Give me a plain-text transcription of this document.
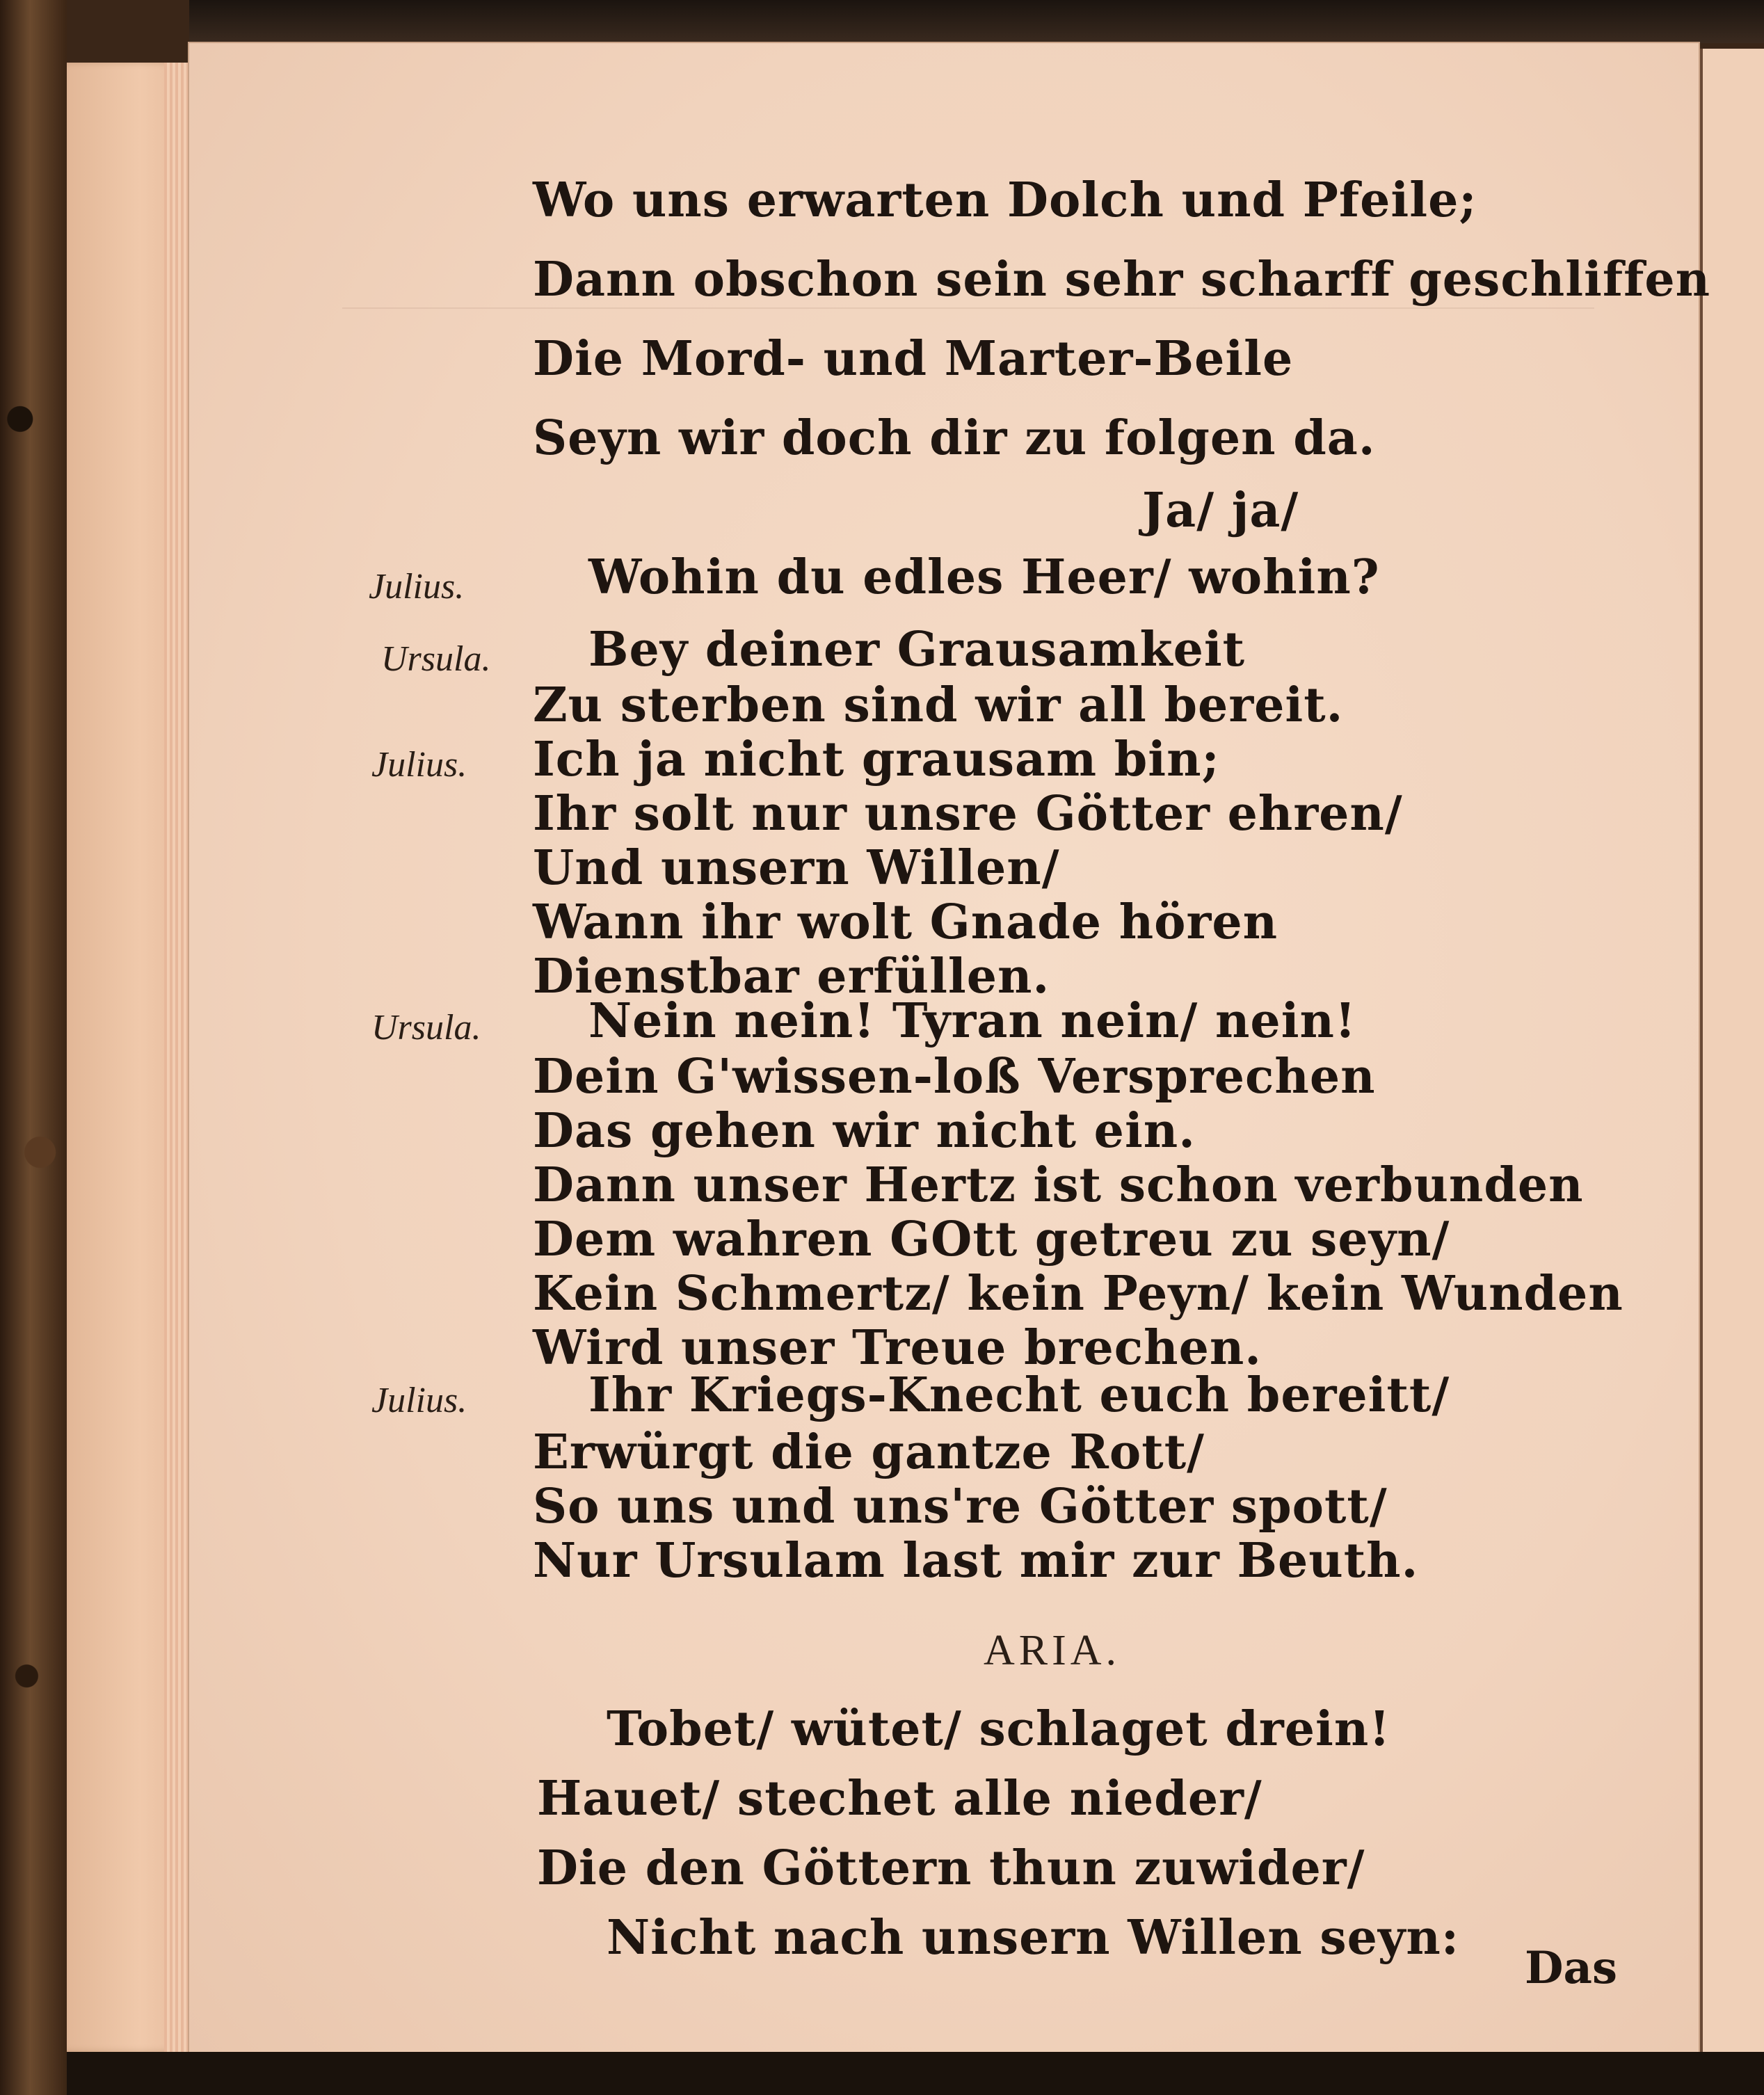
Wo uns erwarten Dolch und Pfeile;
Dann obschon sein sehr scharff geschliffen
Die Mord- und Marter-Beile
Seyn wir doch dir zu folgen da.
Ja/ ja/
Julius.
Ursula.
Julius.
Ursula.
Julius.
Wohin du edles Heer/ wohin?
Bey deiner Grausamkeit
Zu sterben sind wir all bereit.
Ich ja nicht grausam bin;
Ihr solt nur unsre Götter ehren/
Und unsern Willen/
Wann ihr wolt Gnade hören
Dienstbar erfüllen.
Nein nein! Tyran nein/ nein!
Dein G'wissen-loß Versprechen
Das gehen wir nicht ein.
Dann unser Hertz ist schon verbunden
Dem wahren GOtt getreu zu seyn/
Kein Schmertz/ kein Peyn/ kein Wunden
Wird unser Treue brechen.
Ihr Kriegs-Knecht euch bereitt/
Erwürgt die gantze Rott/
So uns und uns're Götter spott/
Nur Ursulam last mir zur Beuth.
ARIA.
Tobet/ wütet/ schlaget drein!
Hauet/ stechet alle nieder/
Die den Göttern thun zuwider/
Nicht nach unsern Willen seyn:
Das
